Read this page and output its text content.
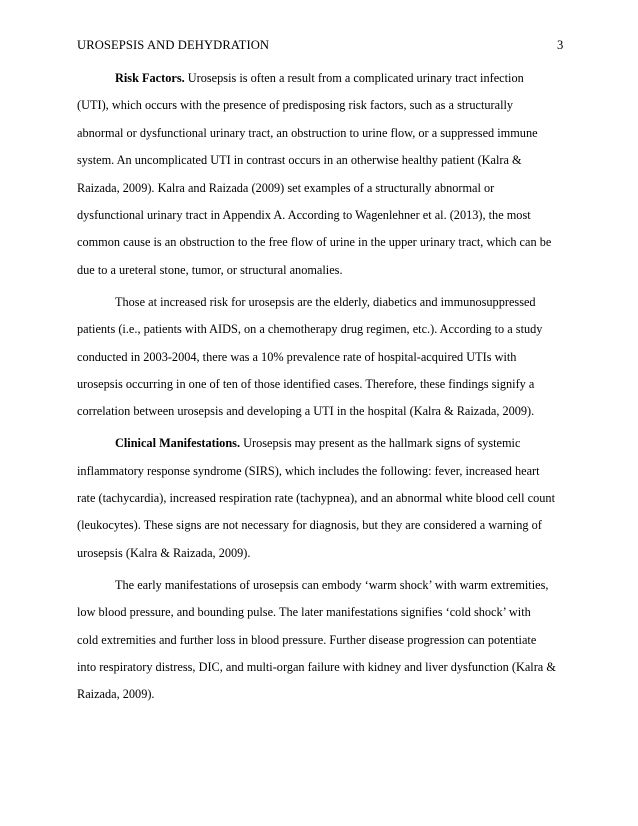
UROSEPSIS AND DEHYDRATION	3

Risk Factors. Urosepsis is often a result from a complicated urinary tract infection
(UTI), which occurs with the presence of predisposing risk factors, such as a structurally
abnormal or dysfunctional urinary tract, an obstruction to urine flow, or a suppressed immune
system. An uncomplicated UTI in contrast occurs in an otherwise healthy patient (Kalra &
Raizada, 2009). Kalra and Raizada (2009) set examples of a structurally abnormal or
dysfunctional urinary tract in Appendix A. According to Wagenlehner et al. (2013), the most
common cause is an obstruction to the free flow of urine in the upper urinary tract, which can be
due to a ureteral stone, tumor, or structural anomalies.

Those at increased risk for urosepsis are the elderly, diabetics and immunosuppressed
patients (i.e., patients with AIDS, on a chemotherapy drug regimen, etc.). According to a study
conducted in 2003-2004, there was a 10% prevalence rate of hospital-acquired UTIs with
urosepsis occurring in one of ten of those identified cases. Therefore, these findings signify a
correlation between urosepsis and developing a UTI in the hospital (Kalra & Raizada, 2009).

Clinical Manifestations. Urosepsis may present as the hallmark signs of systemic
inflammatory response syndrome (SIRS), which includes the following: fever, increased heart
rate (tachycardia), increased respiration rate (tachypnea), and an abnormal white blood cell count
(leukocytes). These signs are not necessary for diagnosis, but they are considered a warning of
urosepsis (Kalra & Raizada, 2009).

The early manifestations of urosepsis can embody ‘warm shock’ with warm extremities,
low blood pressure, and bounding pulse. The later manifestations signifies ‘cold shock’ with
cold extremities and further loss in blood pressure. Further disease progression can potentiate
into respiratory distress, DIC, and multi-organ failure with kidney and liver dysfunction (Kalra &
Raizada, 2009).
